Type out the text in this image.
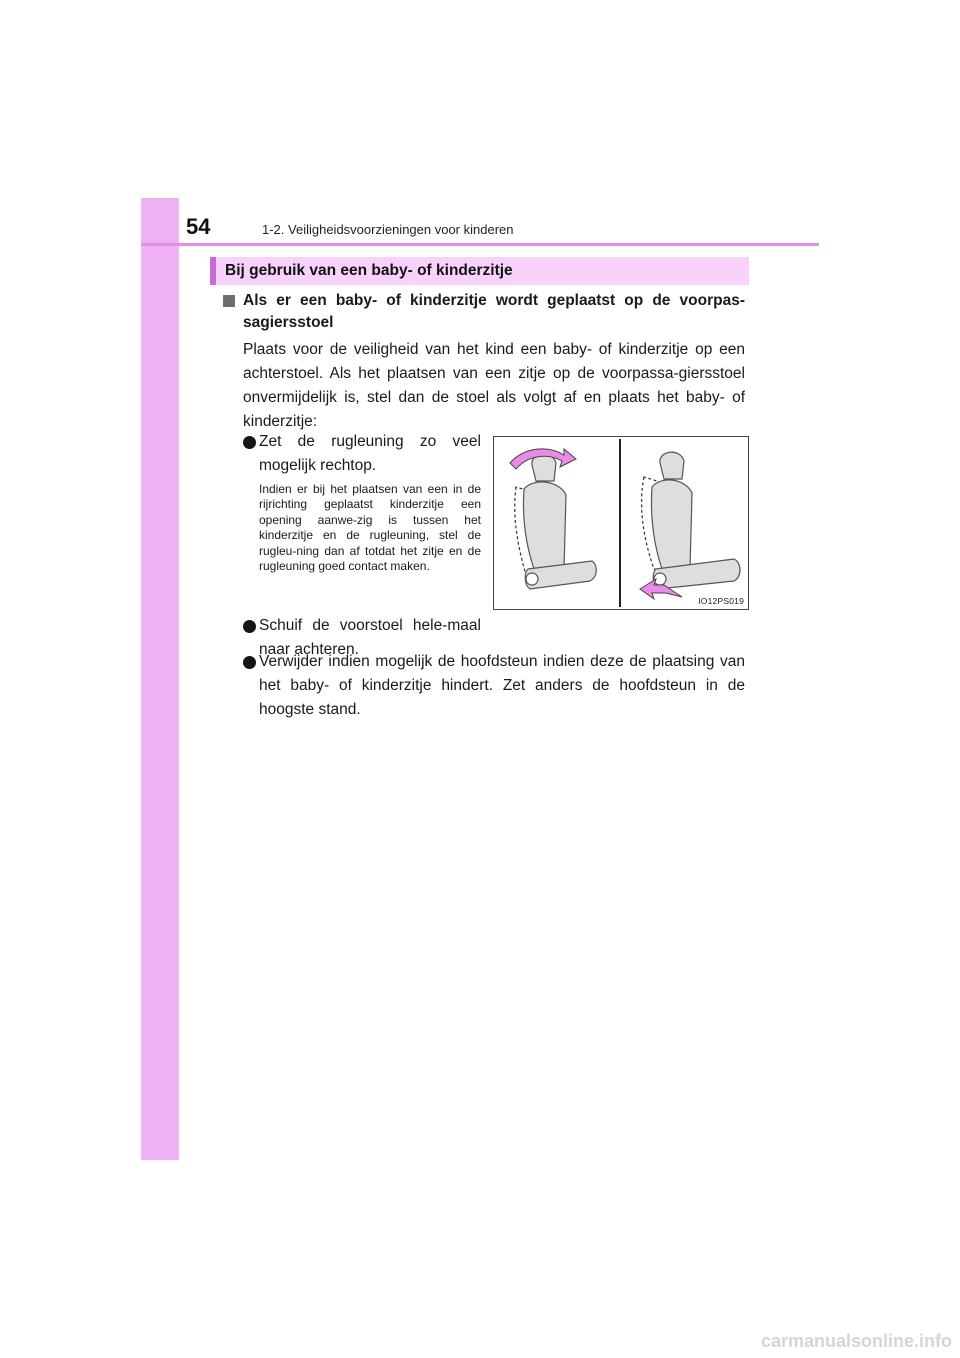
54	1-2. Veiligheidsvoorzieningen voor kinderen
Bij gebruik van een baby- of kinderzitje
Als er een baby- of kinderzitje wordt geplaatst op de voorpas-sagiersstoel
Plaats voor de veiligheid van het kind een baby- of kinderzitje op een achterstoel. Als het plaatsen van een zitje op de voorpassa-giersstoel onvermijdelijk is, stel dan de stoel als volgt af en plaats het baby- of kinderzitje:
Zet de rugleuning zo veel mogelijk rechtop.
Indien er bij het plaatsen van een in de rijrichting geplaatst kinderzitje een opening aanwe-zig is tussen het kinderzitje en de rugleuning, stel de rugleu-ning dan af totdat het zitje en de rugleuning goed contact maken.
Schuif de voorstoel hele-maal naar achteren.
Verwijder indien mogelijk de hoofdsteun indien deze de plaatsing van het baby- of kinderzitje hindert. Zet anders de hoofdsteun in de hoogste stand.
IO12PS019
carmanualsonline.info
